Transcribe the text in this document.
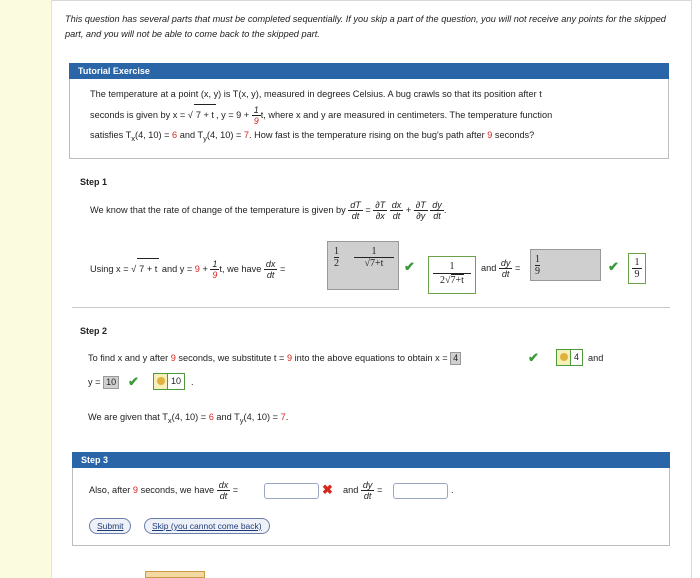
This question has several parts that must be completed sequentially. If you skip a part of the question, you will not receive any points for the skipped part, and you will not be able to come back to the skipped part.

Tutorial Exercise
The temperature at a point (x, y) is T(x, y), measured in degrees Celsius. A bug crawls so that its position after t
seconds is given by x = √ 7 + t , $y = 9 + \frac{1}{9} t$, where x and y are measured in centimeters. The temperature function
satisfies $T_x(4$, 10) = 6 and $T_y(4$, 10) = 7. How fast is the temperature rising on the bug's path after 9 seconds?
Step 1
We know that the rate of change of the temperature is given by $\frac{dT}{dt} = \frac{\partial T}{\partial x}$
$\frac{dx}{dt} + \frac{\partial T}{\partial y}$
$\frac{dy}{dt}$ .
Using x = √ 7 + t and $y = 9 + \frac{1}{9} t$, we have $\frac{dx}{dt}$ =
1
2
1
√7+t	✔	1
2√7+t
and $\frac{dy}{dt}$ =
1
9	✔ 1
9
Step 2
To find x and y after 9 seconds, we substitute t = 9 into the above equations to obtain x = 4	✔	4 and
y = 10 ✔	10	.
We are given that $T_x(4$, 10) = 6 and $T_y(4$, 10) = 7.
Step 3
Also, after 9 seconds, we have $\frac{dx}{dt}$ =	✖ and $\frac{dy}{dt}$ =	.
Submit	Skip (you cannot come back)
